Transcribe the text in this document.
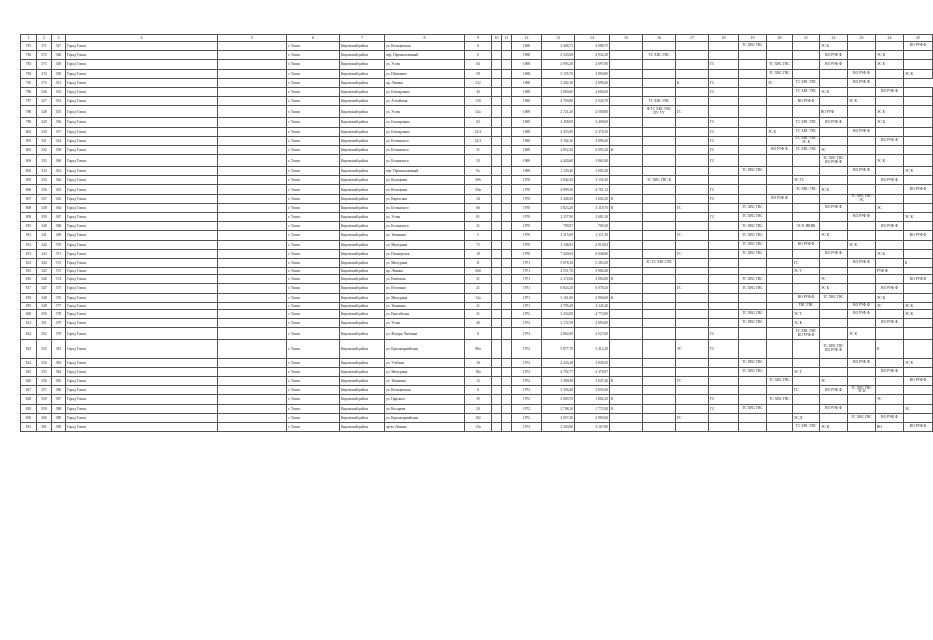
1	2	3	4	5	6	7	8	9	10	11	12	13	14	15	16	17	18	19	20	21	22	23	24	25
781	371	347	Город Томск		г. Томск	Кировский район	ул. Кольцевская	8			1968	4 408,75	4 088,75					ТС ХВС ГВС			ЭС К			ВО РУФ Ф
782	372	348	Город Томск		г. Томск	Кировский район	пер. Промышленный	8			1968	4 543,68	2 932,30		ТС ХВС ГВС						ВО РУФ Ф		ЭС К	
783	373	349	Город Томск		г. Томск	Кировский район	ул. Усова	64			1968	2 993,20	2 697,80				ГС		ТС ХВС ГВС		ВО РУФ Ф		ЭС К	
784	374	350	Город Томск		г. Томск	Кировский район	ул. Шевченко	59			1968	3 155,70	2 890,80						ТС ХВС ГВС			ВО РУФ Ф		ЭС К
785	375	351	Город Томск		г. Томск	Кировский район	пр. Ленина	212			1968	3 302,30	2 899,40			К	ГС		ЭС	ТС ХВС ГВС		ВО РУФ Ф		
786	326	352	Город Томск		г. Томск	Кировский район	ул. Елизаровых	43			1969	3 060,60	2 684,60				ГС			ТС ХВС ГВС	ЭС К		ВО РУФ Ф	
787	327	353	Город Томск		г. Томск	Кировский район	ул. Алтайская	130			1969	4 790,80	3 545,70		ТС ХВС ГВС					ВО РУФ Ф		ЭС К		
788	328	355	Город Томск		г. Томск	Кировский район	ул. Усова	32а			1969	2 721,20	2 500,80		Ф ТС ХВС ГВС ПУ УУ	ГС					ВО РУФ		ЭС К	
789	329	356	Город Томск		г. Томск	Кировский район	ул. Елизаровых	63			1969	3 458,00	3 409,60				ГС			ТС ХВС ГВС	ВО РУФ Ф		ЭС К	
802	330	357	Город Томск		г. Томск	Кировский район	ул. Елизаровых	21/2			1969	2 353,90	2 376,50				ГС		ЭС К	ТС ХВС ГВС		ВО РУФ Ф		
803	331	324	Город Томск		г. Томск	Кировский район	ул. Белинского	21/2			1969	3 102,30	2 896,40				ГС			ТС ХВС ГВС ЭС К			ВО РУФ Ф	
803	332	358	Город Томск		г. Томск	Кировский район	ул. Белинского	31			1969	2 852,20	3 595,20	К			ГС		ВО РУФ Ф	ТС ХВС ГВС	ЭС			
804	333	360	Город Томск		г. Томск	Кировский район	ул. Белинского	33			1969	4 420,60	3 861,80				ГС				ТС ХВС ГВС ВО РУФ Ф		ЭС К	
804	334	361	Город Томск		г. Томск	Кировский район	пер. Промышленный	9а			1969	1 143,40	1 083,40					ТС ХВС ГВС				ВО РУФ Ф		ЭС К
805	335	362	Город Томск		г. Томск	Кировский район	ул. Кольцевая	50б			1970	3 842,30	3 135,20		ТС ХВС ГВС К					ЭС ГС			ВО РУФ Ф	
806	336	363	Город Томск		г. Томск	Кировский район	ул. Кольцевая	50в			1970	4 999,30	4 791,12				ГС			ЭС ХВС ГВС	ЭС К			ВО РУФ Ф
807	337	363	Город Томск		г. Томск	Кировский район	ул. Картасная	34			1970	3 448,30	3 602,20	К			ГС		ВО РУФ Ф			ТС ХВС ГВС ЭС		
808	338	364	Город Томск		г. Томск	Кировский район	ул. Белинского	66			1970	3 823,20	3 118,70	К		ГС		ТС ХВС ГВС			ВО РУФ Ф		ЭС	
809	339	367	Город Томск		г. Томск	Кировский район	ул. Усова	81			1970	2 157,90	2 681,20				ГС	ТС ХВС ГВС				ВО РУФ Ф		ЭС К
810	340	368	Город Томск		г. Томск	Кировский район	ул. Белинского	31			1970	709,07	709,20					ТС ХВС ГВС		ЭС К НКВК			ВО РУФ Ф	
811	341	369	Город Томск		г. Томск	Кировский район	ул. Тимакова	5			1970	2 315,09	2 111,30			ГС		ТС ХВС ГВС			ЭС К			ВО РУФ Ф
812	342	370	Город Томск		г. Томск	Кировский район	ул. Мичурина	73			1970	3 146,93	2 910,63					ТС ХВС ГВС		ВО РУФ Ф		ЭС К		
813	343	371	Город Томск		г. Томск	Кировский район	ул. Пионерская	10			1970	7 420,63	6 048,80			ГС		ТС ХВС ГВС			ВО РУФ Ф		ЭС К	
814	344	372	Город Томск		г. Томск	Кировский район	ул. Мичурина	11			1971	5 678,10	5 283,30		ЭС ТС ХВС ГВС					ГС		ВО РУФ Ф		К
815	345	373	Город Томск		г. Томск	Кировский район	пр. Ленина	360			1971	4 551,70	3 984,40							ЭС Т			РУФ Ф	
816	346	374	Город Томск		г. Томск	Кировский район	ул. Киевская	31			1971	2 372,66	2 082,80	К				ТС ХВС ГВС			ЭС			ВО РУФ Ф
817	347	375	Город Томск		г. Томск	Кировский район	ул. Источная	21			1971	6 824,20	6 078,20			ГС		ТС ХВС ГВС			ЭС К		ВО РУФ Ф	
818	348	376	Город Томск		г. Томск	Кировский район	ул. Мичурина	12а			1971	3 161,60	2 904,60	К						ВО РУФ Ф	ТС ХВС ГВС		ЭС К	
819	349	377	Город Томск		г. Томск	Кировский район	ул. Тимакова	21			1971	4 795,40	4 345,40							ТВС ГВС		ВО РУФ Ф	ТС	ЭС К
820	350	378	Город Томск		г. Томск	Кировский район	ул. Енисейская	21			1972	3 254,00	4 774,80					ТС ХВС ГВС		ЭС Т		ВО РУФ Ф		ЭС К
821	351	379	Город Томск		г. Томск	Кировский район	ул. Усова	40			1972	2 172,59	2 893,00					ТС ХВС ГВС		ЭС К			ВО РУФ Ф	
822	352	379	Город Томск		г. Томск	Кировский район	ул. Федора Лыткина	8			1972	4 802,09	4 527,60				ГС			ТС ХВС ГВС ВО РУФ Ф		ЭС К		
823	353	381	Город Томск		г. Томск	Кировский район	ул. Красноармейская	88а			1972	5 877,78	5 412,20			ЭС	ГС				ТС ХВС ГВС ВО РУФ Ф		К	
824	354	382	Город Томск		г. Томск	Кировский район	ул. Учебная	10			1972	4 243,28	3 828,20					ТС ХВС ГВС				ВО РУФ Ф		ЭС К
825	355	384	Город Томск		г. Томск	Кировский район	ул. Мичурина	18а			1972	4 792,77	4 376,97					ТС ХВС ГВС		ЭС Т			ВО РУФ Ф	
826	356	385	Город Томск		г. Томск	Кировский район	ул. Тимакова	12			1972	3 380,40	3 647,40	К		ГС			ТС ХВС ГВС		ЭС			ВО РУФ Ф
827	357	386	Город Томск		г. Томск	Кировский район	ул. Кольцевская	8			1972	3 358,48	3 050,46							ГС	ВО РУФ Ф	ТС ХВС ГВС ЭС К		
828	358	387	Город Томск		г. Томск	Кировский район	ул. Царского	39			1972	2 800,70	1 882,20	К			ГС		ТС ХВС ГВС				ЭС	
829	359	388	Город Томск		г. Томск	Кировский район	ул. Косарева	20			1972	2 708,10	1 773,30	К			ГС	ТС ХВС ГВС			ВО РУФ Ф			ЭС
830	360	389	Город Томск		г. Томск	Кировский район	ул. Красноармейская	102			1972	3 057,40	2 985,60			ГС				ЭС Д		ТС ХВС ГВС	ВО РУФ Ф	
831	361	390	Город Томск		г. Томск	Кировский район	пр-кт Ленина	15а			1973	3 303,80	3 167,80							ТС ХВС ГВС	ЭС К		ВО	ВО РУФ Ф
